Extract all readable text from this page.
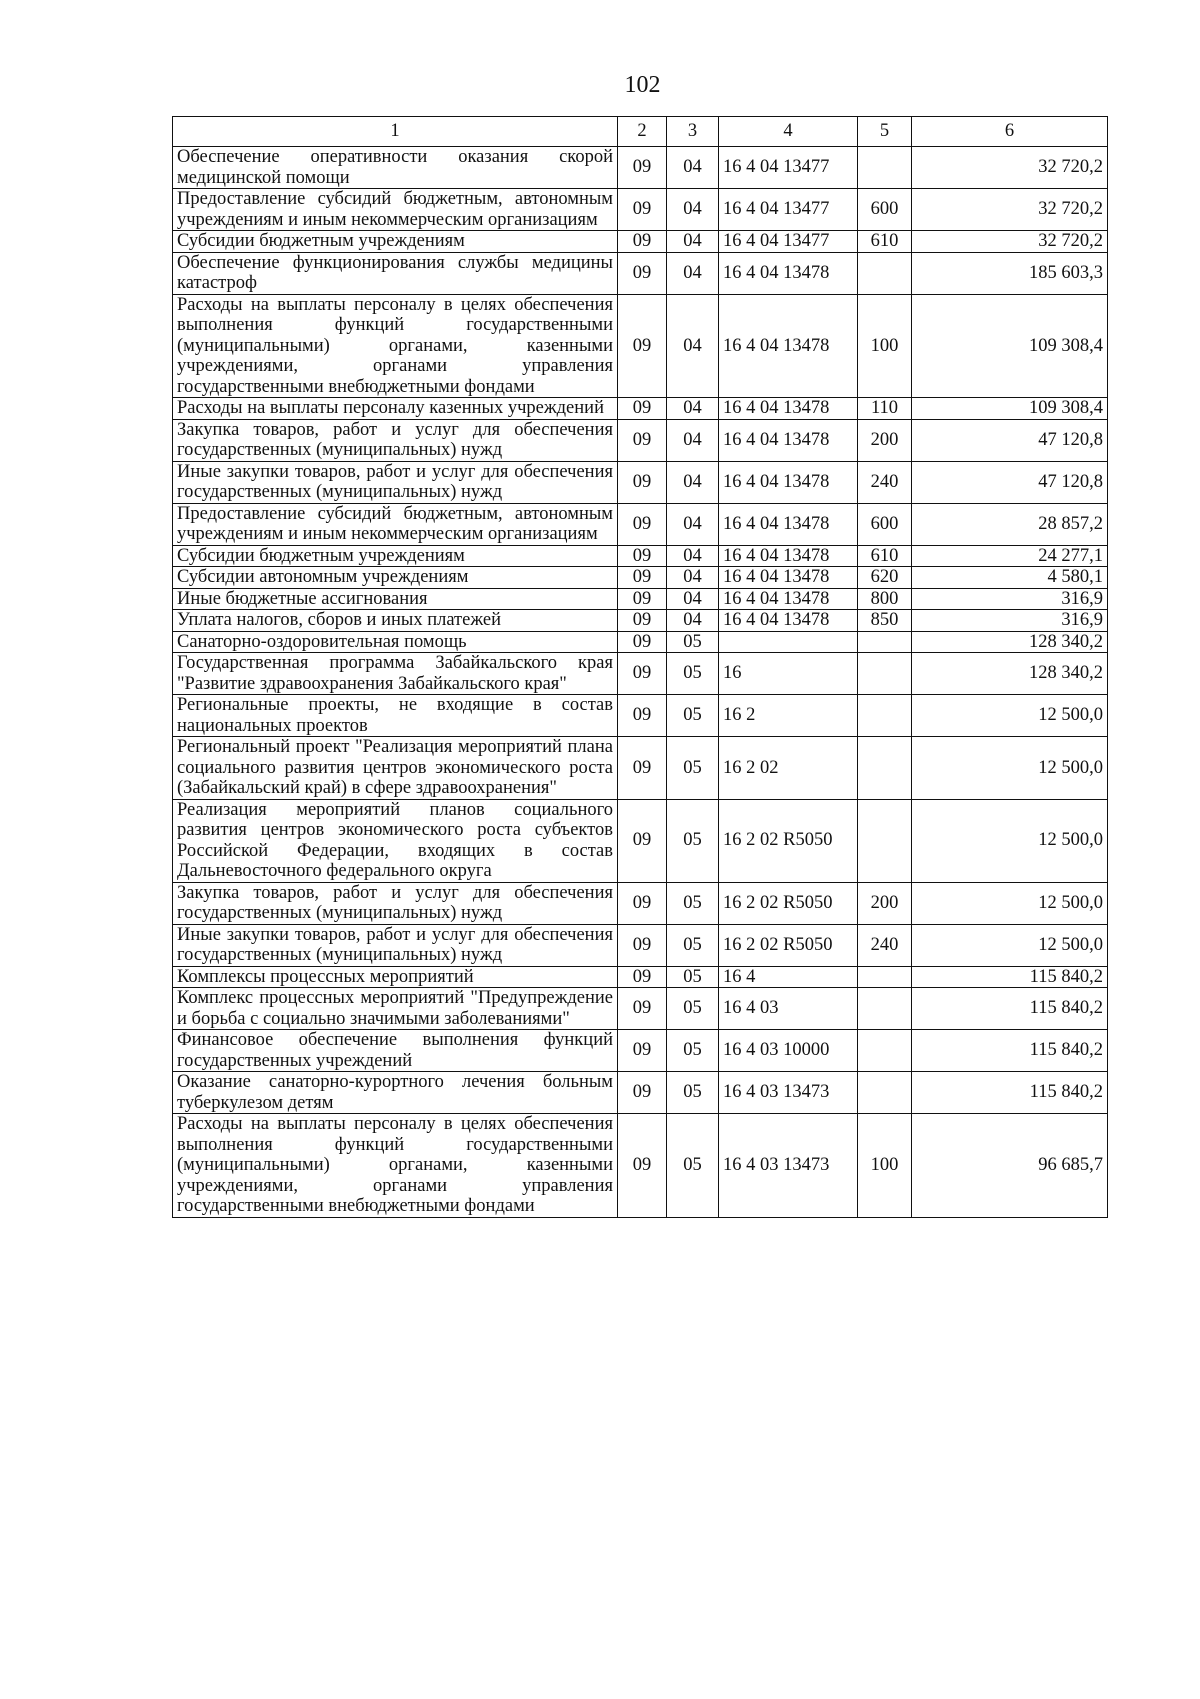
102
1	2	3	4	5	6
Обеспечение оперативности оказания скорой медицинской помощи	09	04	16 4 04 13477		32 720,2
Предоставление субсидий бюджетным, автономным учреждениям и иным некоммерческим организациям	09	04	16 4 04 13477	600	32 720,2
Субсидии бюджетным учреждениям	09	04	16 4 04 13477	610	32 720,2
Обеспечение функционирования службы медицины катастроф	09	04	16 4 04 13478		185 603,3
Расходы на выплаты персоналу в целях обеспечения выполнения функций государственными (муниципальными) органами, казенными учреждениями, органами управления государственными внебюджетными фондами	09	04	16 4 04 13478	100	109 308,4
Расходы на выплаты персоналу казенных учреждений	09	04	16 4 04 13478	110	109 308,4
Закупка товаров, работ и услуг для обеспечения государственных (муниципальных) нужд	09	04	16 4 04 13478	200	47 120,8
Иные закупки товаров, работ и услуг для обеспечения государственных (муниципальных) нужд	09	04	16 4 04 13478	240	47 120,8
Предоставление субсидий бюджетным, автономным учреждениям и иным некоммерческим организациям	09	04	16 4 04 13478	600	28 857,2
Субсидии бюджетным учреждениям	09	04	16 4 04 13478	610	24 277,1
Субсидии автономным учреждениям	09	04	16 4 04 13478	620	4 580,1
Иные бюджетные ассигнования	09	04	16 4 04 13478	800	316,9
Уплата налогов, сборов и иных платежей	09	04	16 4 04 13478	850	316,9
Санаторно-оздоровительная помощь	09	05			128 340,2
Государственная программа Забайкальского края "Развитие здравоохранения Забайкальского края"	09	05	16		128 340,2
Региональные проекты, не входящие в состав национальных проектов	09	05	16 2		12 500,0
Региональный проект "Реализация мероприятий плана социального развития центров экономического роста (Забайкальский край) в сфере здравоохранения"	09	05	16 2 02		12 500,0
Реализация мероприятий планов социального развития центров экономического роста субъектов Российской Федерации, входящих в состав Дальневосточного федерального округа	09	05	16 2 02 R5050		12 500,0
Закупка товаров, работ и услуг для обеспечения государственных (муниципальных) нужд	09	05	16 2 02 R5050	200	12 500,0
Иные закупки товаров, работ и услуг для обеспечения государственных (муниципальных) нужд	09	05	16 2 02 R5050	240	12 500,0
Комплексы процессных мероприятий	09	05	16 4		115 840,2
Комплекс процессных мероприятий "Предупреждение и борьба с социально значимыми заболеваниями"	09	05	16 4 03		115 840,2
Финансовое обеспечение выполнения функций государственных учреждений	09	05	16 4 03 10000		115 840,2
Оказание санаторно-курортного лечения больным туберкулезом детям	09	05	16 4 03 13473		115 840,2
Расходы на выплаты персоналу в целях обеспечения выполнения функций государственными (муниципальными) органами, казенными учреждениями, органами управления государственными внебюджетными фондами	09	05	16 4 03 13473	100	96 685,7
